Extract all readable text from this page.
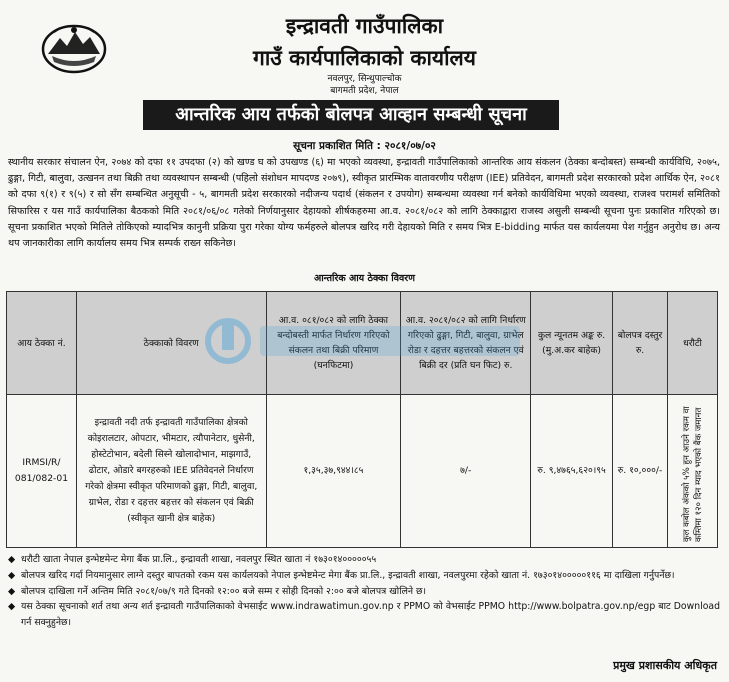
इन्द्रावती गाउँपालिका
गाउँ कार्यपालिकाको कार्यालय
नवलपुर, सिन्धुपाल्चोक
बागमती प्रदेश, नेपाल
आन्तरिक आय तर्फको बोलपत्र आव्हान सम्बन्धी सूचना
सूचना प्रकाशित मिति : २०८१/०७/०२
स्थानीय सरकार संचालन ऐन, २०७४ को दफा ११ उपदफा (२) को खण्ड घ को उपखण्ड (६) मा भएको व्यवस्था, इन्द्रावती गाउँपालिकाको आन्तरिक आय संकलन (ठेक्का बन्दोबस्त) सम्बन्धी कार्यविधि, २०७५, ढुङ्गा, गिटी, बालुवा, उत्खनन तथा बिक्री तथा व्यवस्थापन सम्बन्धी (पहिलो संशोधन मापदण्ड २०७९), स्वीकृत प्रारम्भिक वातावरणीय परीक्षण (IEE) प्रतिवेदन, बागमती प्रदेश सरकारको प्रदेश आर्थिक ऐन, २०८१ को दफा ९(१) र ९(५) र सो सँग सम्बन्धित अनुसूची - ५, बागमती प्रदेश सरकारको नदीजन्य पदार्थ (संकलन र उपयोग) सम्बन्धमा व्यवस्था गर्न बनेको कार्यविधिमा भएको व्यवस्था, राजश्व परामर्श समितिको सिफारिस र यस गाउँ कार्यपालिका बैठकको मिति २०८१/०६/०८ गतेको निर्णयानुसार देहायको शीर्षकहरुमा आ.व. २०८१/०८२ को लागि ठेक्काद्वारा राजस्व असुली सम्बन्धी सूचना पुनः प्रकाशित गरिएको छ। सूचना प्रकाशित भएको मितिले तोकिएको म्यादभित्र कानुनी प्रक्रिया पुरा गरेका योग्य फर्महरुले बोलपत्र खरिद गरी देहायको मिति र समय भित्र E-bidding मार्फत यस कार्यलयमा पेश गर्नुहुन अनुरोध छ। अन्य थप जानकारीका लागि कार्यालय समय भित्र सम्पर्क राख्न सकिनेछ।
आन्तरिक आय ठेक्का विवरण
आय ठेक्का नं.	ठेक्काको विवरण	आ.व. ०८१/०८२ को लागि ठेक्का बन्दोबस्ती मार्फत निर्धारण गरिएको संकलन तथा बिक्री परिमाण (घनफिटमा)	आ.व. २०८१/०८२ को लागि निर्धारण गरिएको ढुङ्गा, गिटी, बालुवा, ग्राभेल रोडा र दहत्तर बहत्तरको संकलन एवं बिक्री दर (प्रति घन फिट) रु.	कुल न्यूनतम अङ्क रु. (मु.अ.कर बाहेक)	बोलपत्र दस्तुर रु.	धरौटी
IRMSI/R/ 081/082-01	इन्द्रावती नदी तर्फ इन्द्रावती गाउँपालिका क्षेत्रको कोइरालटार, ओपटार, भीमटार, त्यौपानेटार, धुसेनी, होस्टेटोभान, बदेली सिस्ने खोलादोभान, माझगाउँ, ढोटार, ओडारे बगरहरुको IEE प्रतिवेदनले निर्धारण गरेको क्षेत्रमा स्वीकृत परिमाणको ढुङ्गा, गिटी, बालुवा, ग्राभेल, रोडा र दहत्तर बहत्तर को संकलन एवं बिक्री (स्वीकृत खानी क्षेत्र बाहेक)	१,३५,३७,९४४।८५	७/-	रु. ९,४७६५,६२०।९५	रु. १०,०००/-	कुल कबोल अंकको ५% हुन आउने रकम वा कम्तिमा १२० दिन म्याद भएको बैंक जमानत
◆ धरौटी खाता नेपाल इन्भेष्टमेन्ट मेगा बैंक प्रा.लि., इन्द्रावती शाखा, नवलपुर स्थित खाता नं १७३०१४०००००५५
◆ बोलपत्र खरिद गर्दा नियमानुसार लाग्ने दस्तुर बापतको रकम यस कार्यलयको नेपाल इन्भेष्टमेन्ट मेगा बैंक प्रा.लि., इन्द्रावती शाखा, नवलपुरमा रहेको खाता नं. १७३०१४०००००११६ मा दाखिला गर्नुपर्नेछ।
◆ बोलपत्र दाखिला गर्ने अन्तिम मिति २०८१/०७/९ गते दिनको १२:०० बजे सम्म र सोही दिनको २:०० बजे बोलपत्र खोलिने छ।
◆ यस ठेक्का सूचनाको शर्त तथा अन्य शर्त इन्द्रावती गाउँपालिकाको वेभसाईट www.indrawatimun.gov.np र PPMO को वेभसाईट PPMO http://www.bolpatra.gov.np/egp बाट Download गर्न सक्नुहुनेछ।
प्रमुख प्रशासकीय अधिकृत
